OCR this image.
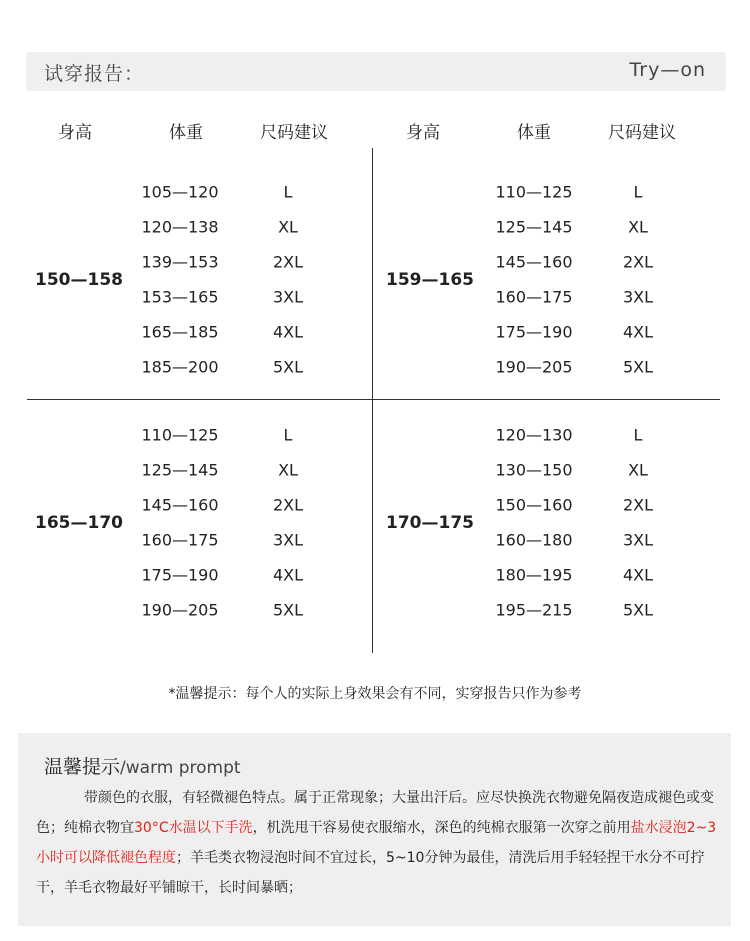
试穿报告：	Try—on
身高	体重	尺码建议	身高	体重	尺码建议
150—158
105—120	L
120—138	XL
139—153	2XL
153—165	3XL
165—185	4XL
185—200	5XL
159—165
110—125	L
125—145	XL
145—160	2XL
160—175	3XL
175—190	4XL
190—205	5XL
165—170
110—125	L
125—145	XL
145—160	2XL
160—175	3XL
175—190	4XL
190—205	5XL
170—175
120—130	L
130—150	XL
150—160	2XL
160—180	3XL
180—195	4XL
195—215	5XL
*温馨提示：每个人的实际上身效果会有不同，实穿报告只作为参考
温馨提示/warm prompt
带颜色的衣服，有轻微褪色特点。属于正常现象；大量出汗后。应尽快换洗衣物避免隔夜造成褪色或变色；纯棉衣物宜30°C水温以下手洗，机洗甩干容易使衣服缩水，深色的纯棉衣服第一次穿之前用盐水浸泡2~3小时可以降低褪色程度；羊毛类衣物浸泡时间不宜过长，5~10分钟为最佳，清洗后用手轻轻捏干水分不可拧干，羊毛衣物最好平铺晾干，长时间暴晒；
